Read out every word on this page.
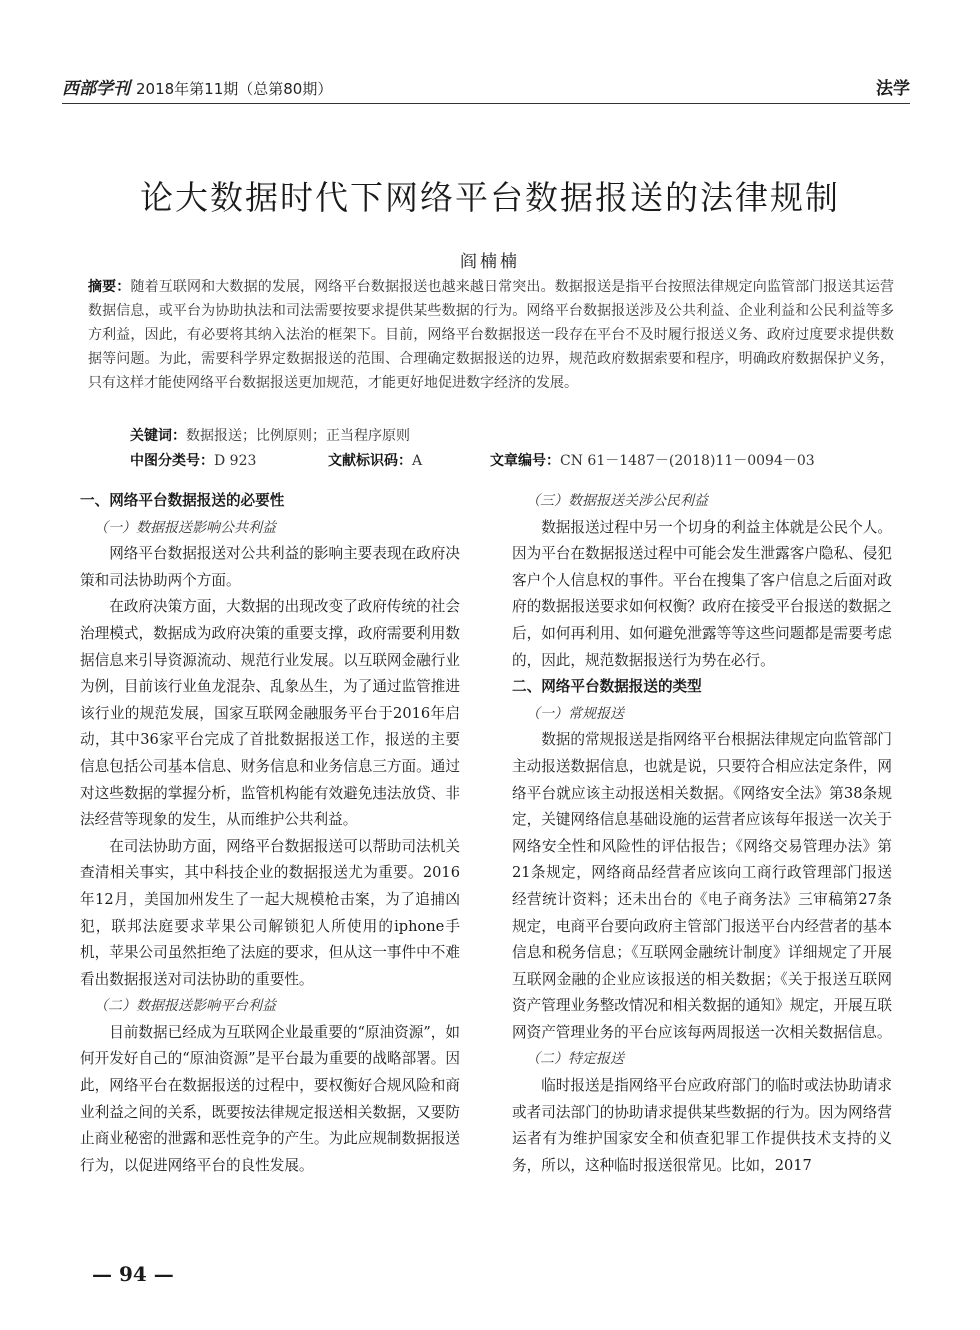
西部学刊 2018年第11期（总第80期）	法学
论大数据时代下网络平台数据报送的法律规制
阎楠楠
摘要：随着互联网和大数据的发展，网络平台数据报送也越来越日常突出。数据报送是指平台按照法律规定向监管部门报送其运营数据信息，或平台为协助执法和司法需要按要求提供某些数据的行为。网络平台数据报送涉及公共利益、企业利益和公民利益等多方利益，因此，有必要将其纳入法治的框架下。目前，网络平台数据报送一段存在平台不及时履行报送义务、政府过度要求提供数据等问题。为此，需要科学界定数据报送的范围、合理确定数据报送的边界，规范政府数据索要和程序，明确政府数据保护义务，只有这样才能使网络平台数据报送更加规范，才能更好地促进数字经济的发展。
关键词：数据报送；比例原则；正当程序原则
中图分类号：D 923	文献标识码：A	文章编号：CN 61－1487－(2018)11－0094－03
一、网络平台数据报送的必要性
（一）数据报送影响公共利益

网络平台数据报送对公共利益的影响主要表现在政府决策和司法协助两个方面。

在政府决策方面，大数据的出现改变了政府传统的社会治理模式，数据成为政府决策的重要支撑，政府需要利用数据信息来引导资源流动、规范行业发展。以互联网金融行业为例，目前该行业鱼龙混杂、乱象丛生，为了通过监管推进该行业的规范发展，国家互联网金融服务平台于2016年启动，其中36家平台完成了首批数据报送工作，报送的主要信息包括公司基本信息、财务信息和业务信息三方面。通过对这些数据的掌握分析，监管机构能有效避免违法放贷、非法经营等现象的发生，从而维护公共利益。

在司法协助方面，网络平台数据报送可以帮助司法机关查清相关事实，其中科技企业的数据报送尤为重要。2016年12月，美国加州发生了一起大规模枪击案，为了追捕凶犯，联邦法庭要求苹果公司解锁犯人所使用的iphone手机，苹果公司虽然拒绝了法庭的要求，但从这一事件中不难看出数据报送对司法协助的重要性。

（二）数据报送影响平台利益

目前数据已经成为互联网企业最重要的“原油资源”，如何开发好自己的“原油资源”是平台最为重要的战略部署。因此，网络平台在数据报送的过程中，要权衡好合规风险和商业利益之间的关系，既要按法律规定报送相关数据，又要防止商业秘密的泄露和恶性竞争的产生。为此应规制数据报送行为，以促进网络平台的良性发展。

（三）数据报送关涉公民利益

数据报送过程中另一个切身的利益主体就是公民个人。因为平台在数据报送过程中可能会发生泄露客户隐私、侵犯客户个人信息权的事件。平台在搜集了客户信息之后面对政府的数据报送要求如何权衡？政府在接受平台报送的数据之后，如何再利用、如何避免泄露等等这些问题都是需要考虑的，因此，规范数据报送行为势在必行。

二、网络平台数据报送的类型
（一）常规报送

数据的常规报送是指网络平台根据法律规定向监管部门主动报送数据信息，也就是说，只要符合相应法定条件，网络平台就应该主动报送相关数据。《网络安全法》第38条规定，关键网络信息基础设施的运营者应该每年报送一次关于网络安全性和风险性的评估报告；《网络交易管理办法》第21条规定，网络商品经营者应该向工商行政管理部门报送经营统计资料；还未出台的《电子商务法》三审稿第27条规定，电商平台要向政府主管部门报送平台内经营者的基本信息和税务信息；《互联网金融统计制度》详细规定了开展互联网金融的企业应该报送的相关数据；《关于报送互联网资产管理业务整改情况和相关数据的通知》规定，开展互联网资产管理业务的平台应该每两周报送一次相关数据信息。

（二）特定报送

临时报送是指网络平台应政府部门的临时或法协助请求或者司法部门的协助请求提供某些数据的行为。因为网络营运者有为维护国家安全和侦查犯罪工作提供技术支持的义务，所以，这种临时报送很常见。比如，2017

— 94 —
